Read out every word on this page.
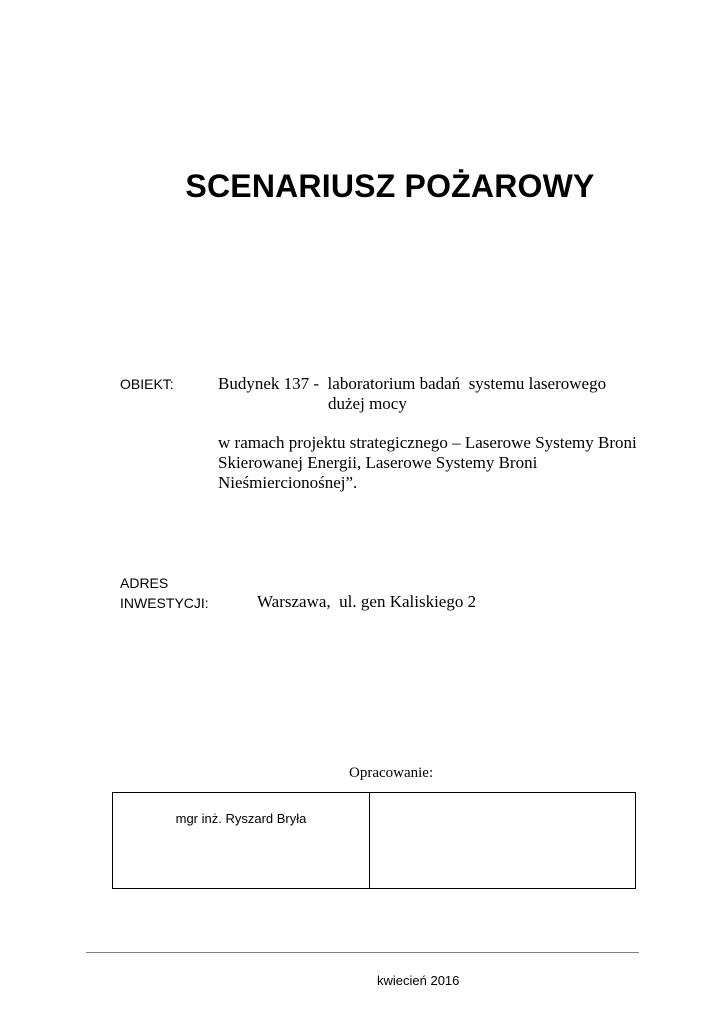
SCENARIUSZ POŻAROWY
OBIEKT:	Budynek 137 -  laboratorium badań  systemu laserowego
dużej mocy
w ramach projektu strategicznego – Laserowe Systemy Broni
Skierowanej Energii, Laserowe Systemy Broni
Nieśmiercionośnej”.
ADRES
INWESTYCJI:	Warszawa,  ul. gen Kaliskiego 2
Opracowanie:
mgr inż. Ryszard Bryła
kwiecień 2016
